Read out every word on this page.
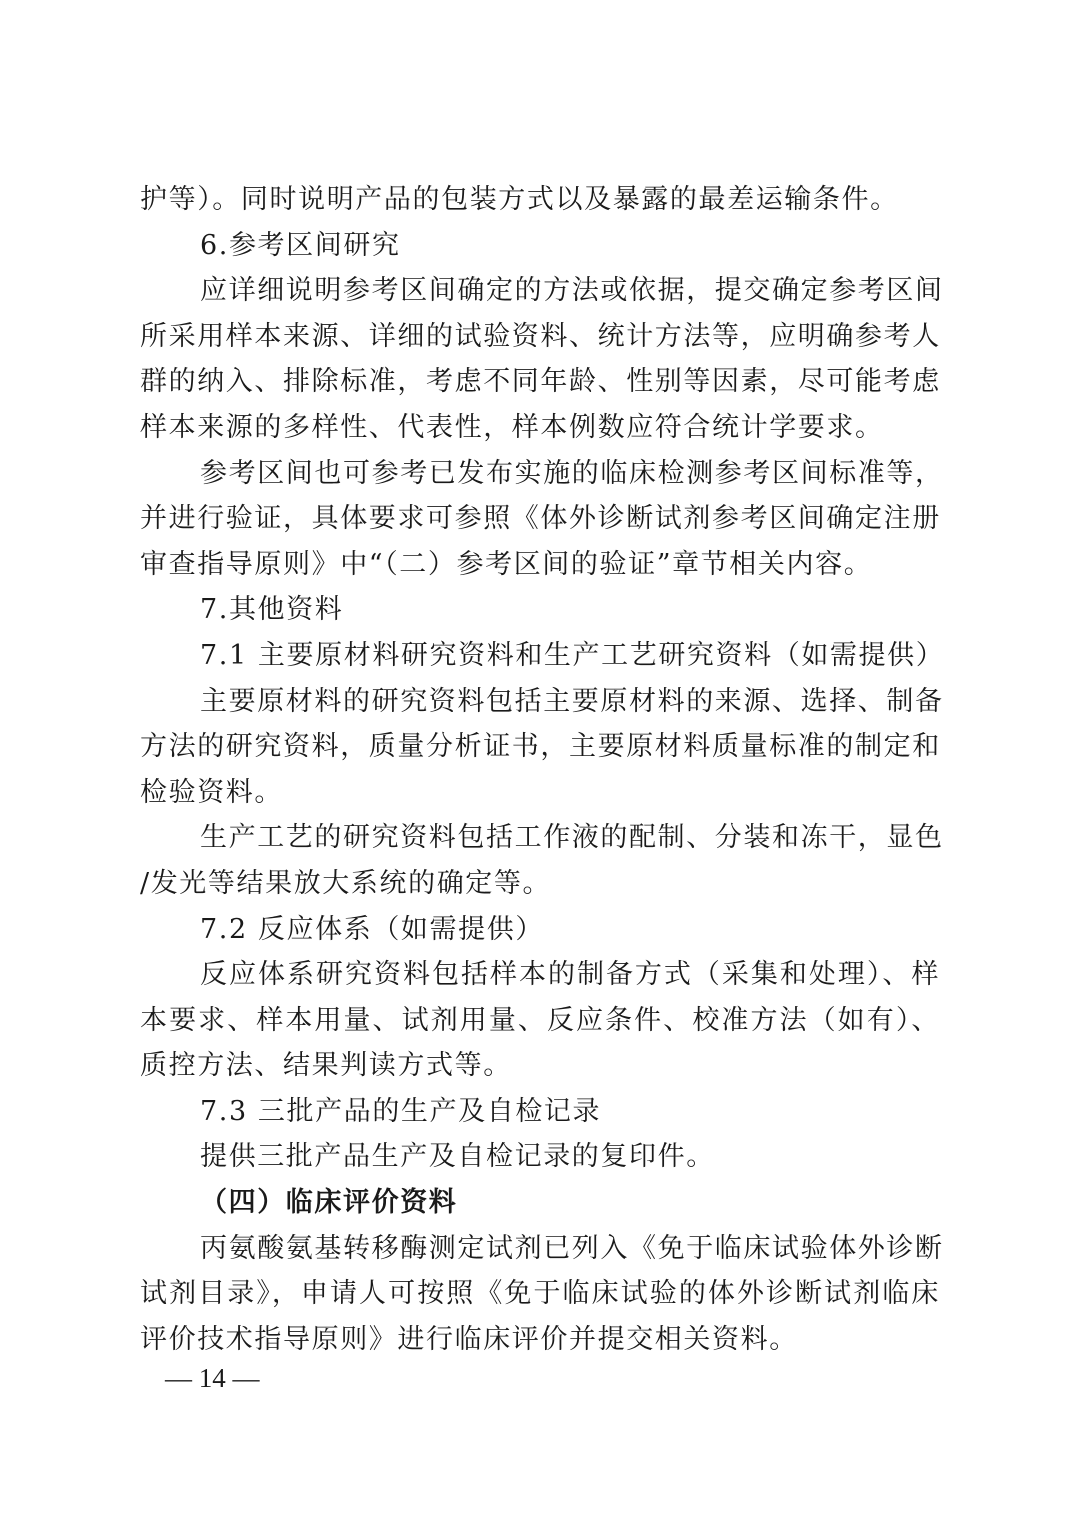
护等）。同时说明产品的包装方式以及暴露的最差运输条件。
6.参考区间研究
应详细说明参考区间确定的方法或依据，提交确定参考区间
所采用样本来源、详细的试验资料、统计方法等，应明确参考人
群的纳入、排除标准，考虑不同年龄、性别等因素，尽可能考虑
样本来源的多样性、代表性，样本例数应符合统计学要求。
参考区间也可参考已发布实施的临床检测参考区间标准等，
并进行验证，具体要求可参照《体外诊断试剂参考区间确定注册
审查指导原则》中“（二）参考区间的验证”章节相关内容。
7.其他资料
7.1 主要原材料研究资料和生产工艺研究资料（如需提供）
主要原材料的研究资料包括主要原材料的来源、选择、制备
方法的研究资料，质量分析证书，主要原材料质量标准的制定和
检验资料。
生产工艺的研究资料包括工作液的配制、分装和冻干，显色
/发光等结果放大系统的确定等。
7.2 反应体系（如需提供）
反应体系研究资料包括样本的制备方式（采集和处理）、样
本要求、样本用量、试剂用量、反应条件、校准方法（如有）、
质控方法、结果判读方式等。
7.3 三批产品的生产及自检记录
提供三批产品生产及自检记录的复印件。
（四）临床评价资料
丙氨酸氨基转移酶测定试剂已列入《免于临床试验体外诊断
试剂目录》，申请人可按照《免于临床试验的体外诊断试剂临床
评价技术指导原则》进行临床评价并提交相关资料。
— 14 —
